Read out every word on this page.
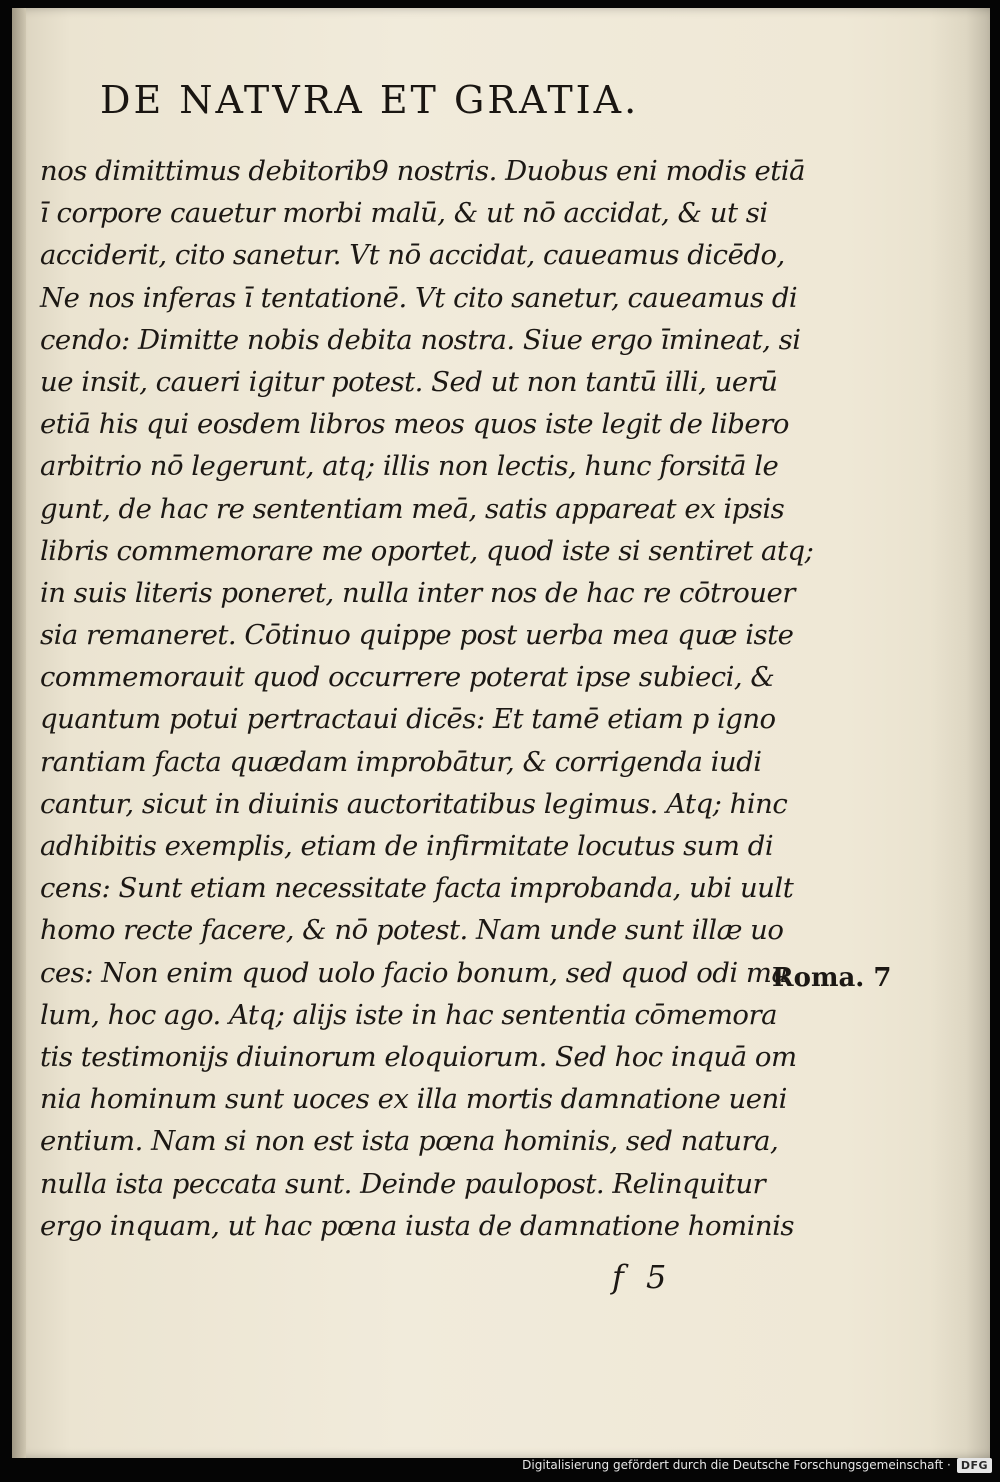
DE NATVRA ET GRATIA.
nos dimittimus debitorib9 nostris. Duobus eni modis etiā
ī corpore cauetur morbi malū, & ut nō accidat, & ut si
acciderit, cito sanetur. Vt nō accidat, caueamus dicēdo,
Ne nos inferas ī tentationē. Vt cito sanetur, caueamus di
cendo: Dimitte nobis debita nostra. Siue ergo īmineat, si
ue insit, caueri igitur potest. Sed ut non tantū illi, uerū
etiā his qui eosdem libros meos quos iste legit de libero
arbitrio nō legerunt, atq; illis non lectis, hunc forsitā le
gunt, de hac re sententiam meā, satis appareat ex ipsis
libris commemorare me oportet, quod iste si sentiret atq;
in suis literis poneret, nulla inter nos de hac re cōtrouer
sia remaneret. Cōtinuo quippe post uerba mea quæ iste
commemorauit quod occurrere poterat ipse subieci, &
quantum potui pertractaui dicēs: Et tamē etiam p igno
rantiam facta quædam improbātur, & corrigenda iudi
cantur, sicut in diuinis auctoritatibus legimus. Atq; hinc
adhibitis exemplis, etiam de infirmitate locutus sum di
cens: Sunt etiam necessitate facta improbanda, ubi uult
homo recte facere, & nō potest. Nam unde sunt illæ uo
ces: Non enim quod uolo facio bonum, sed quod odi ma
lum, hoc ago. Atq; alijs iste in hac sententia cōmemora
tis testimonijs diuinorum eloquiorum. Sed hoc inquā om
nia hominum sunt uoces ex illa mortis damnatione ueni
entium. Nam si non est ista pœna hominis, sed natura,
nulla ista peccata sunt. Deinde paulopost. Relinquitur
ergo inquam, ut hac pœna iusta de damnatione hominis
Roma. 7
f 5
Digitalisierung gefördert durch die Deutsche Forschungsgemeinschaft · DFG
